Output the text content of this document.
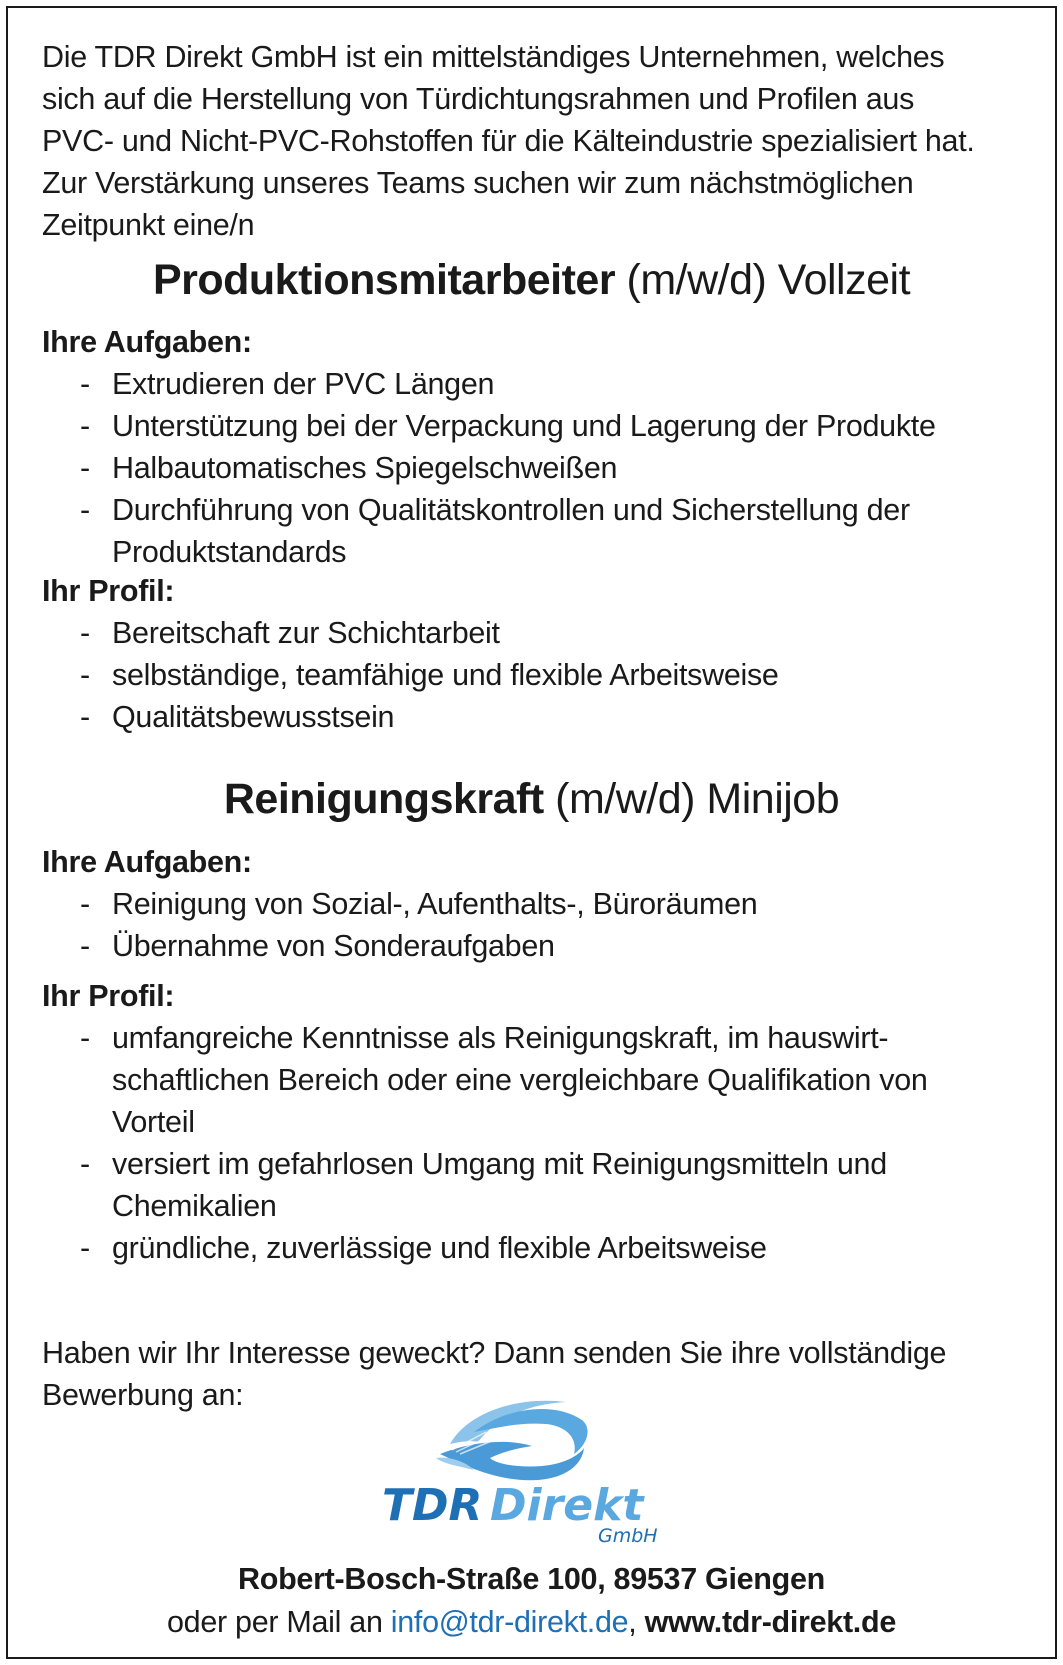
Die TDR Direkt GmbH ist ein mittelständiges Unternehmen, welches
sich auf die Herstellung von Türdichtungsrahmen und Profilen aus
PVC- und Nicht-PVC-Rohstoffen für die Kälteindustrie spezialisiert hat.
Zur Verstärkung unseres Teams suchen wir zum nächstmöglichen
Zeitpunkt eine/n

Produktionsmitarbeiter (m/w/d) Vollzeit
Ihre Aufgaben:
- Extrudieren der PVC Längen
- Unterstützung bei der Verpackung und Lagerung der Produkte
- Halbautomatisches Spiegelschweißen
- Durchführung von Qualitätskontrollen und Sicherstellung der
Produktstandards
Ihr Profil:
- Bereitschaft zur Schichtarbeit
- selbständige, teamfähige und flexible Arbeitsweise
- Qualitätsbewusstsein
Reinigungskraft (m/w/d) Minijob
Ihre Aufgaben:
- Reinigung von Sozial-, Aufenthalts-, Büroräumen
- Übernahme von Sonderaufgaben
Ihr Profil:
- umfangreiche Kenntnisse als Reinigungskraft, im hauswirt-
schaftlichen Bereich oder eine vergleichbare Qualifikation von
Vorteil
- versiert im gefahrlosen Umgang mit Reinigungsmitteln und
Chemikalien
- gründliche, zuverlässige und flexible Arbeitsweise
Haben wir Ihr Interesse geweckt? Dann senden Sie ihre vollständige
Bewerbung an:
TDR Direkt
GmbH
Robert-Bosch-Straße 100, 89537 Giengen
oder per Mail an info@tdr-direkt.de, www.tdr-direkt.de
